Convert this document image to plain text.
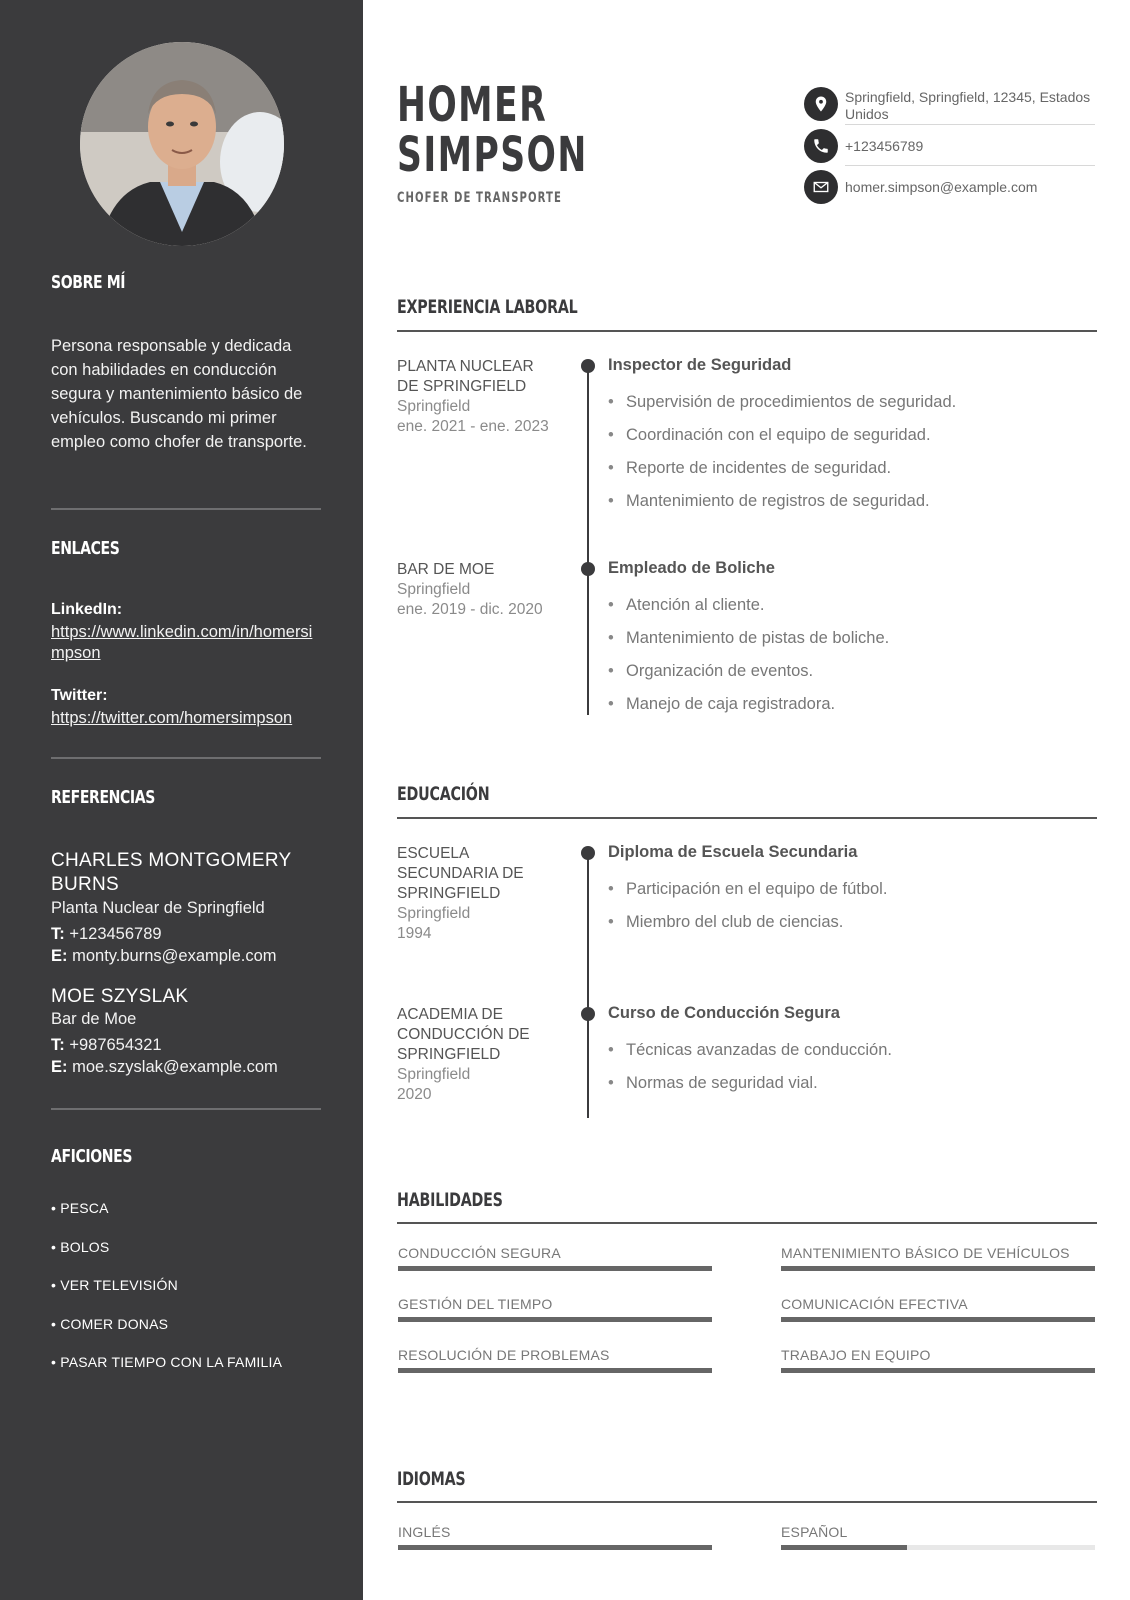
SOBRE MÍ
Persona responsable y dedicada con habilidades en conducción segura y mantenimiento básico de vehículos. Buscando mi primer empleo como chofer de transporte.
ENLACES
LinkedIn:
https://www.linkedin.com/in/homersimpson
Twitter:
https://twitter.com/homersimpson
REFERENCIAS
CHARLES MONTGOMERY BURNS
Planta Nuclear de Springfield
T: +123456789
E: monty.burns@example.com
MOE SZYSLAK
Bar de Moe
T: +987654321
E: moe.szyslak@example.com
AFICIONES
• PESCA
• BOLOS
• VER TELEVISIÓN
• COMER DONAS
• PASAR TIEMPO CON LA FAMILIA
HOMER
SIMPSON
CHOFER DE TRANSPORTE
Springfield, Springfield, 12345, Estados Unidos
+123456789
homer.simpson@example.com
EXPERIENCIA LABORAL
PLANTA NUCLEAR DE SPRINGFIELD
Springfield
ene. 2021 - ene. 2023
Inspector de Seguridad
• Supervisión de procedimientos de seguridad.
• Coordinación con el equipo de seguridad.
• Reporte de incidentes de seguridad.
• Mantenimiento de registros de seguridad.
BAR DE MOE
Springfield
ene. 2019 - dic. 2020
Empleado de Boliche
• Atención al cliente.
• Mantenimiento de pistas de boliche.
• Organización de eventos.
• Manejo de caja registradora.
EDUCACIÓN
ESCUELA SECUNDARIA DE SPRINGFIELD
Springfield
1994
Diploma de Escuela Secundaria
• Participación en el equipo de fútbol.
• Miembro del club de ciencias.
ACADEMIA DE CONDUCCIÓN DE SPRINGFIELD
Springfield
2020
Curso de Conducción Segura
• Técnicas avanzadas de conducción.
• Normas de seguridad vial.
HABILIDADES
CONDUCCIÓN SEGURA	MANTENIMIENTO BÁSICO DE VEHÍCULOS
GESTIÓN DEL TIEMPO	COMUNICACIÓN EFECTIVA
RESOLUCIÓN DE PROBLEMAS	TRABAJO EN EQUIPO
IDIOMAS
INGLÉS	ESPAÑOL
